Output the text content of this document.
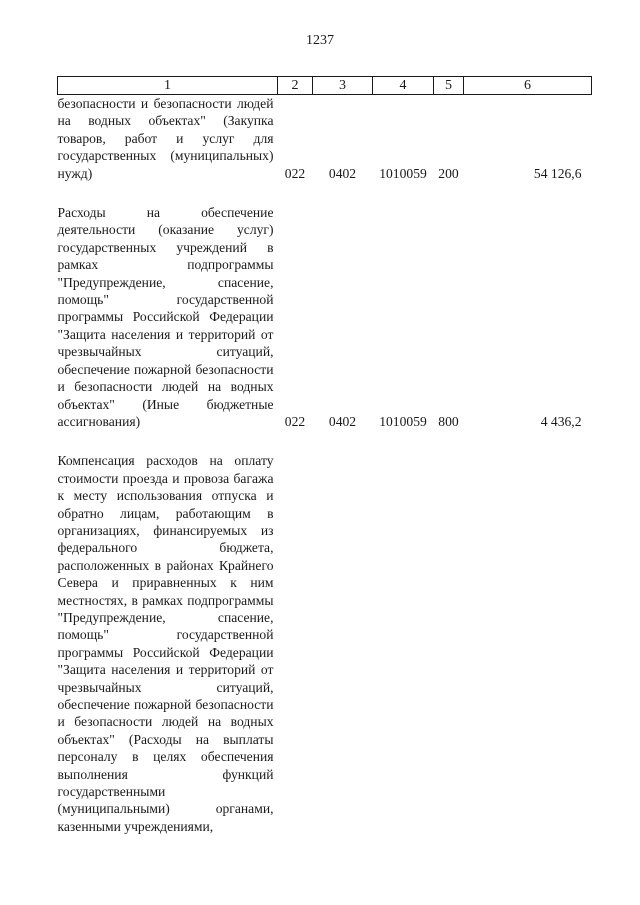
1237
1	2	3	4	5	6
безопасности и безопасности людей на водных объектах" (Закупка товаров, работ и услуг для государственных (муниципальных) нужд)	022	0402	1010059	200	54 126,6

Расходы на обеспечение деятельности (оказание услуг) государственных учреждений в рамках подпрограммы "Предупреждение, спасение, помощь" государственной программы Российской Федерации "Защита населения и территорий от чрезвычайных ситуаций, обеспечение пожарной безопасности и безопасности людей на водных объектах" (Иные бюджетные ассигнования)	022	0402	1010059	800	4 436,2

Компенсация расходов на оплату стоимости проезда и провоза багажа к месту использования отпуска и обратно лицам, работающим в организациях, финансируемых из федерального бюджета, расположенных в районах Крайнего Севера и приравненных к ним местностях, в рамках подпрограммы "Предупреждение, спасение, помощь" государственной программы Российской Федерации "Защита населения и территорий от чрезвычайных ситуаций, обеспечение пожарной безопасности и безопасности людей на водных объектах" (Расходы на выплаты персоналу в целях обеспечения выполнения функций государственными (муниципальными) органами, казенными учреждениями,					
